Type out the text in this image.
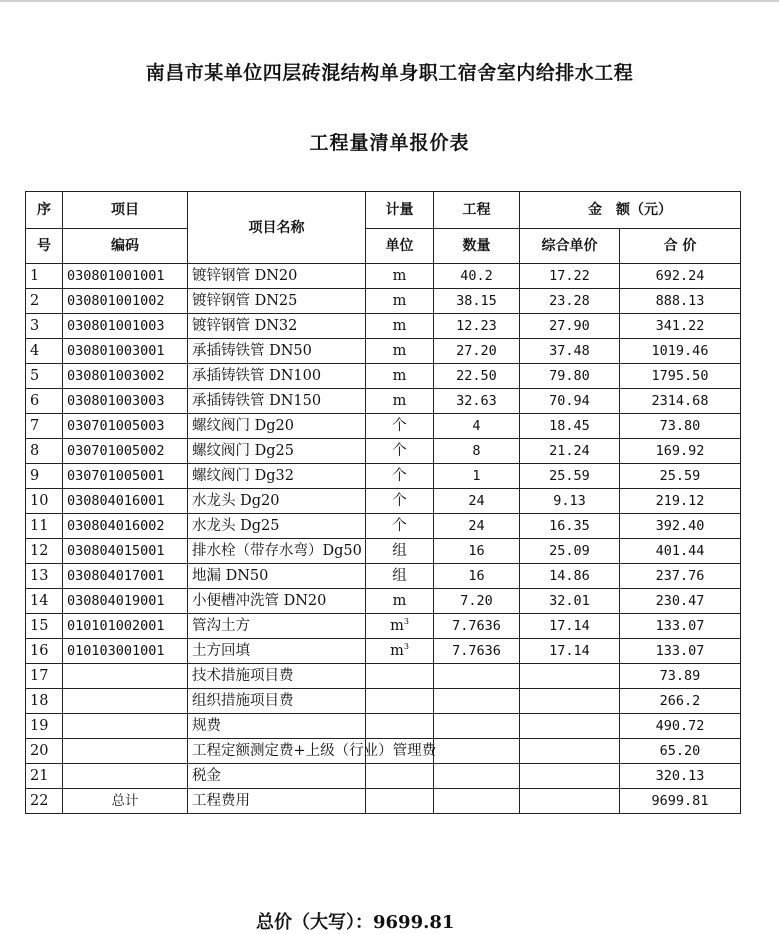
南昌市某单位四层砖混结构单身职工宿舍室内给排水工程
工程量清单报价表
序	项目	项目名称	计量	工程	金　额（元）	
号	编码		单位	数量	综合单价	合 价
1	030801001001	镀锌钢管 DN20	m	40.2	17.22	692.24
2	030801001002	镀锌钢管 DN25	m	38.15	23.28	888.13
3	030801001003	镀锌钢管 DN32	m	12.23	27.90	341.22
4	030801003001	承插铸铁管 DN50	m	27.20	37.48	1019.46
5	030801003002	承插铸铁管 DN100	m	22.50	79.80	1795.50
6	030801003003	承插铸铁管 DN150	m	32.63	70.94	2314.68
7	030701005003	螺纹阀门 Dg20	个	4	18.45	73.80
8	030701005002	螺纹阀门 Dg25	个	8	21.24	169.92
9	030701005001	螺纹阀门 Dg32	个	1	25.59	25.59
10	030804016001	水龙头 Dg20	个	24	9.13	219.12
11	030804016002	水龙头 Dg25	个	24	16.35	392.40
12	030804015001	排水栓（带存水弯）Dg50	组	16	25.09	401.44
13	030804017001	地漏 DN50	组	16	14.86	237.76
14	030804019001	小便槽冲洗管 DN20	m	7.20	32.01	230.47
15	010101002001	管沟土方	$m^3$	7.7636	17.14	133.07
16	010103001001	土方回填	$m^3$	7.7636	17.14	133.07
17		技术措施项目费				73.89
18		组织措施项目费				266.2
19		规费				490.72
20		工程定额测定费+上级（行业）管理费				65.20
21		税金				320.13
22	总计	工程费用				9699.81
总价（大写）：9699.81
